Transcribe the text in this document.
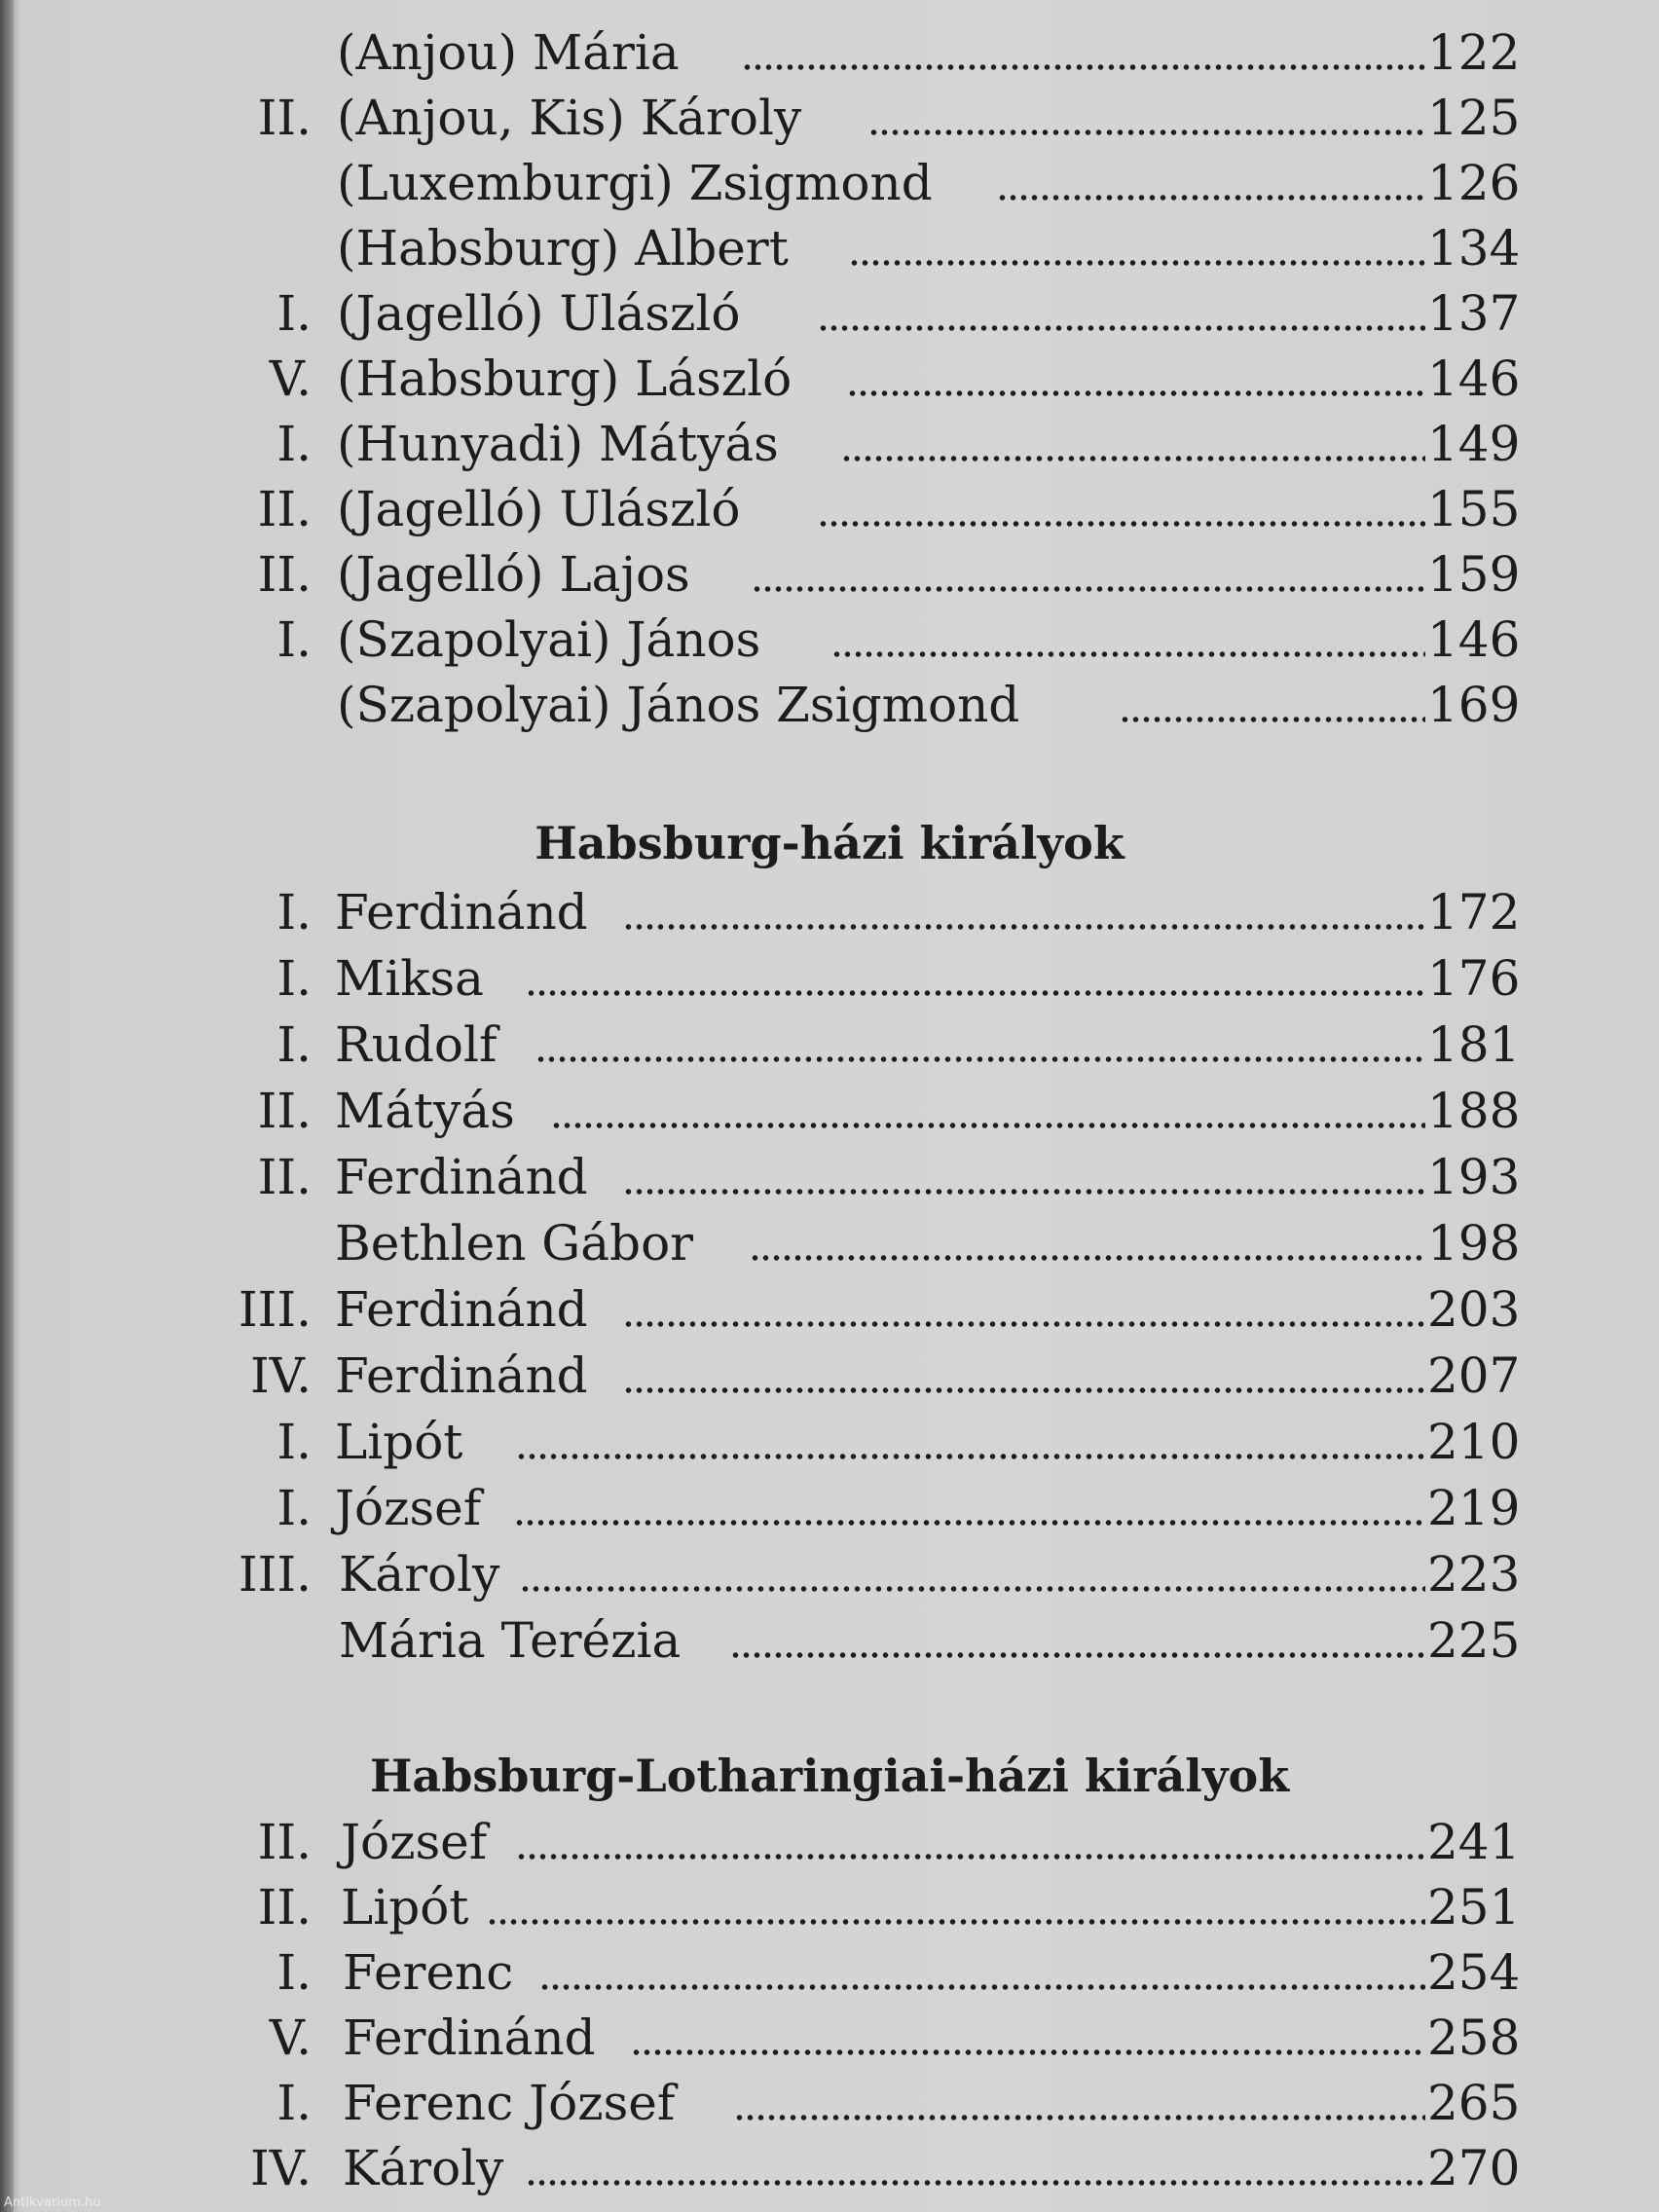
(Anjou) Mária	122
II. (Anjou, Kis) Károly	125
(Luxemburgi) Zsigmond	126
(Habsburg) Albert	134
I. (Jagelló) Ulászló	137
V. (Habsburg) László	146
I. (Hunyadi) Mátyás	149
II. (Jagelló) Ulászló	155
II. (Jagelló) Lajos	159
I. (Szapolyai) János	146
(Szapolyai) János Zsigmond	169
Habsburg-házi királyok
I. Ferdinánd	172
I. Miksa	176
I. Rudolf	181
II. Mátyás	188
II. Ferdinánd	193
Bethlen Gábor	198
III. Ferdinánd	203
IV. Ferdinánd	207
I. Lipót	210
I. József	219
III. Károly	223
Mária Terézia	225
Habsburg-Lotharingiai-házi királyok
II. József	241
II. Lipót	251
I. Ferenc	254
V. Ferdinánd	258
I. Ferenc József	265
IV. Károly	270
Antikvarium.hu
